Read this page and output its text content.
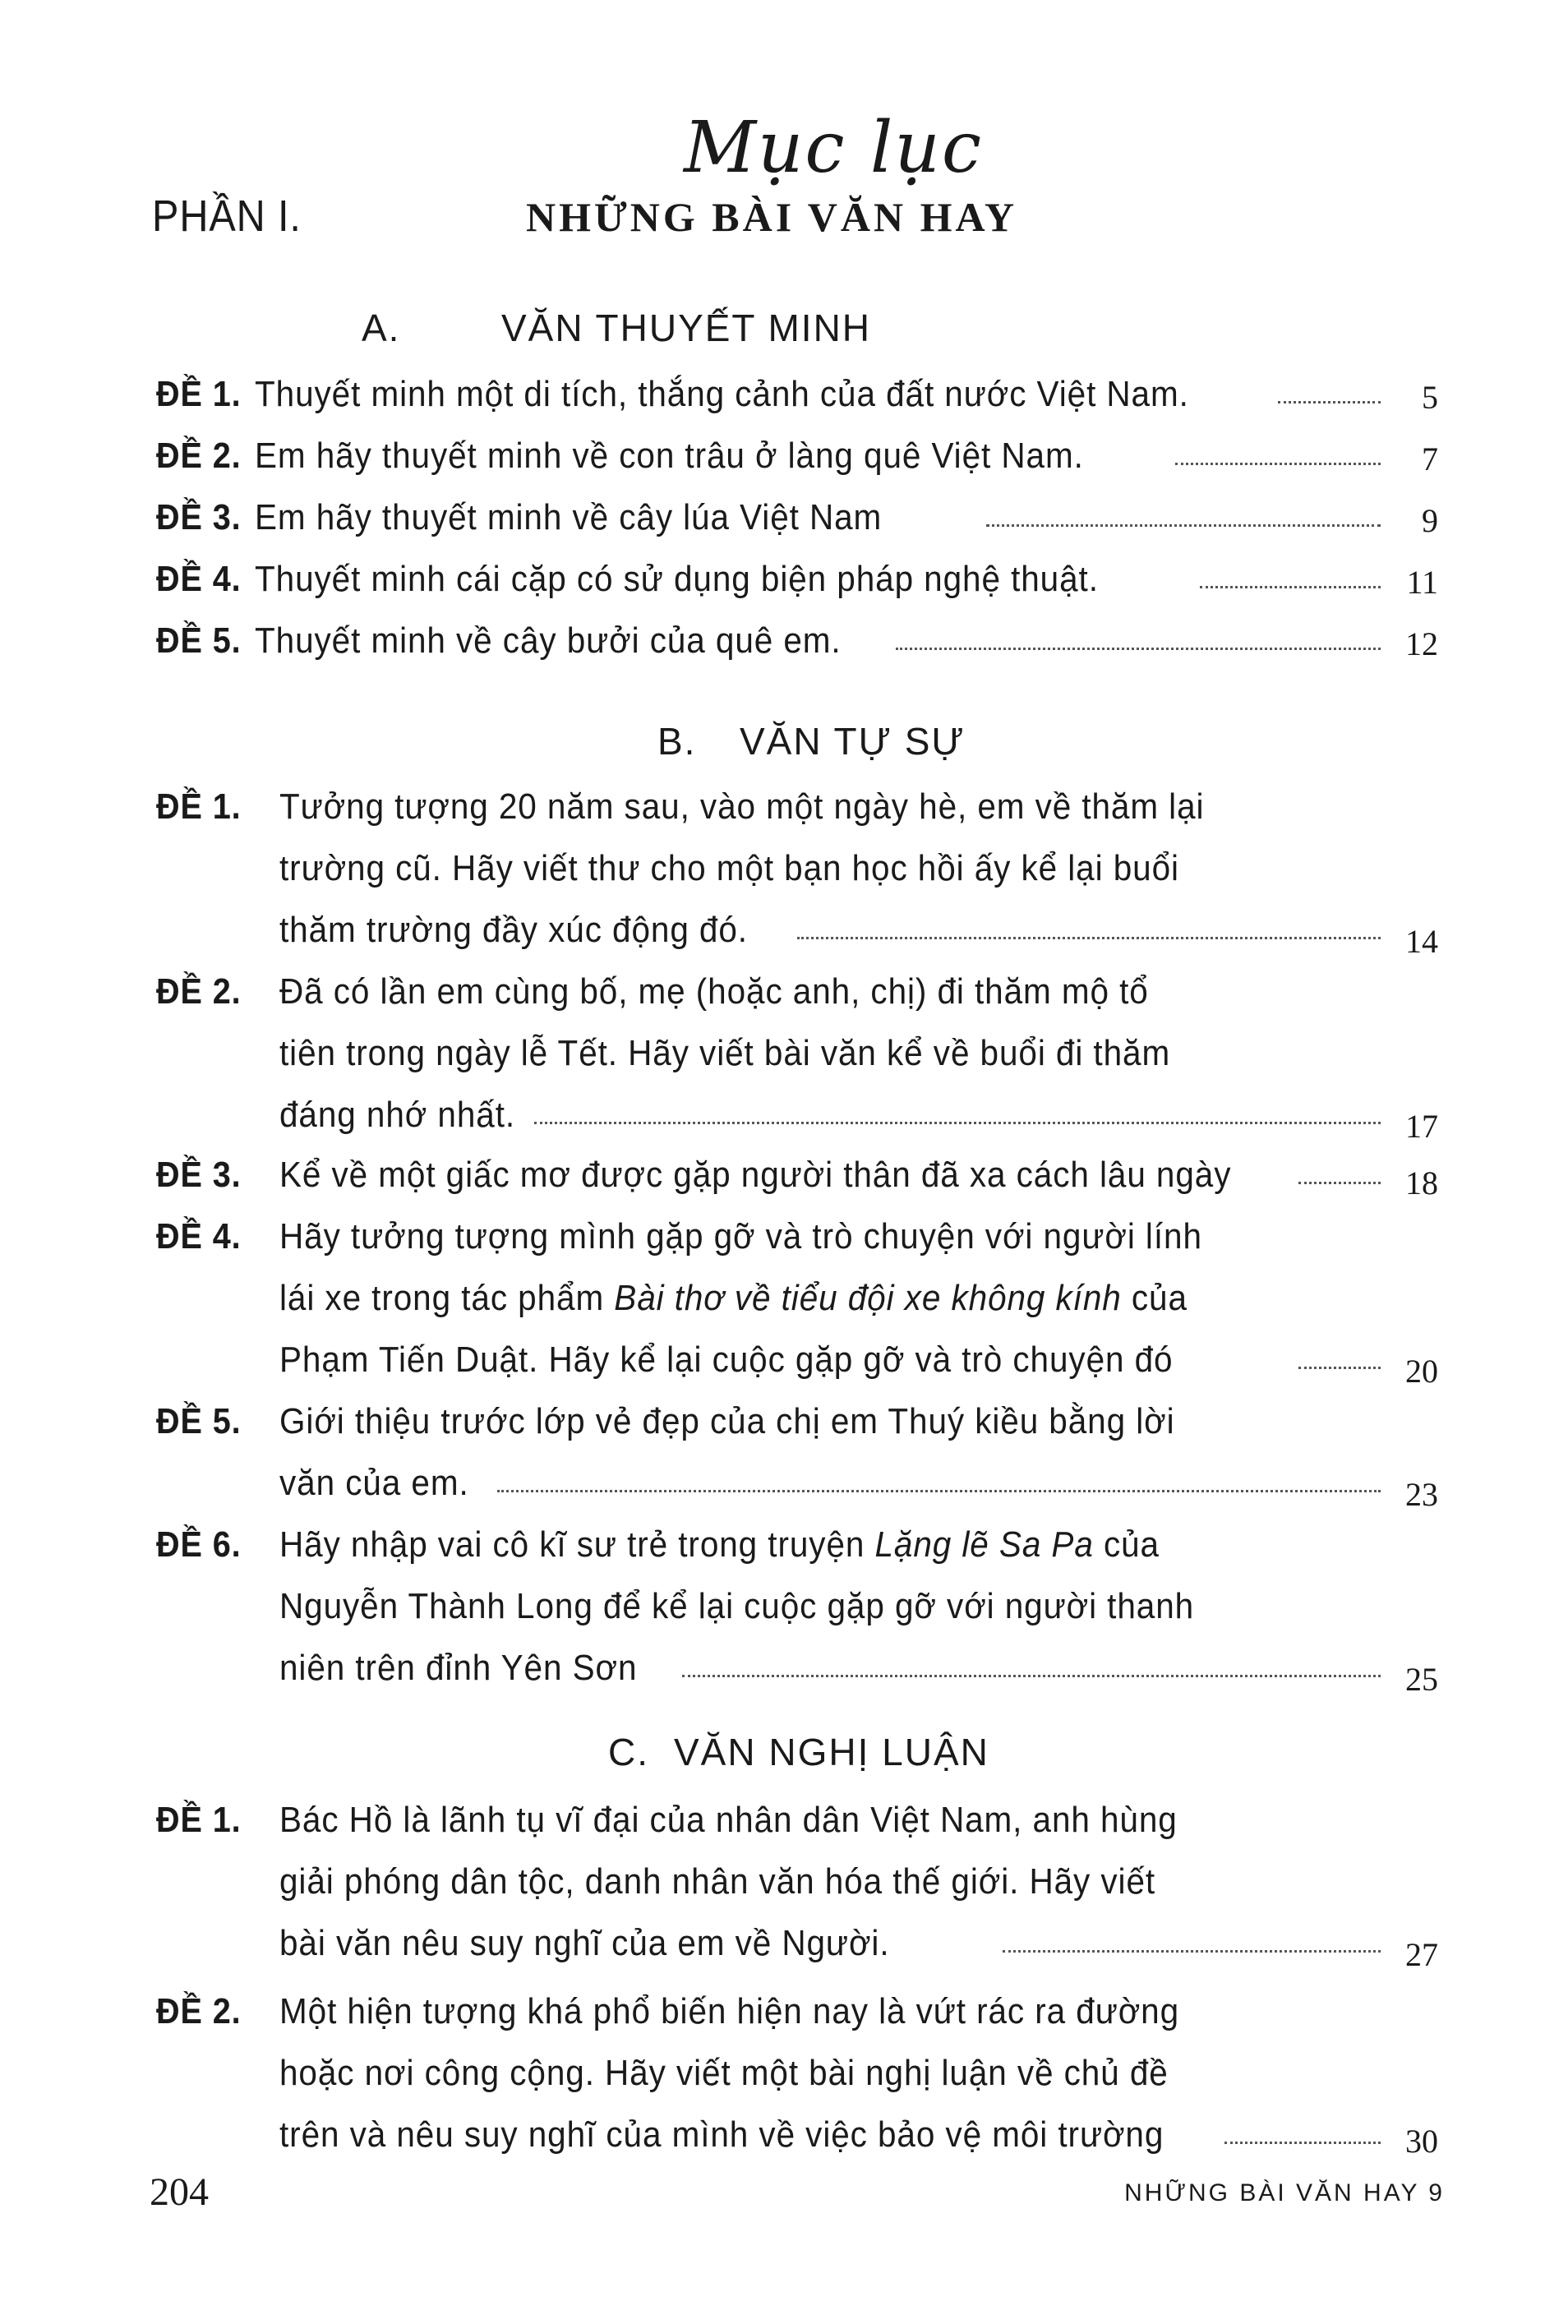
Mục lục
PHẦN I.	NHỮNG BÀI VĂN HAY
A.	VĂN THUYẾT MINH
ĐỀ 1. Thuyết minh một di tích, thắng cảnh của đất nước Việt Nam.	5
ĐỀ 2. Em hãy thuyết minh về con trâu ở làng quê Việt Nam.	7
ĐỀ 3. Em hãy thuyết minh về cây lúa Việt Nam	9
ĐỀ 4. Thuyết minh cái cặp có sử dụng biện pháp nghệ thuật.	11
ĐỀ 5. Thuyết minh về cây bưởi của quê em.	12
B. VĂN TỰ SỰ
ĐỀ 1. Tưởng tượng 20 năm sau, vào một ngày hè, em về thăm lại
trường cũ. Hãy viết thư cho một bạn học hồi ấy kể lại buổi
thăm trường đầy xúc động đó.	14
ĐỀ 2. Đã có lần em cùng bố, mẹ (hoặc anh, chị) đi thăm mộ tổ
tiên trong ngày lễ Tết. Hãy viết bài văn kể về buổi đi thăm
đáng nhớ nhất.	17
ĐỀ 3. Kể về một giấc mơ được gặp người thân đã xa cách lâu ngày	18
ĐỀ 4. Hãy tưởng tượng mình gặp gỡ và trò chuyện với người lính
lái xe trong tác phẩm Bài thơ về tiểu đội xe không kính của
Phạm Tiến Duật. Hãy kể lại cuộc gặp gỡ và trò chuyện đó	20
ĐỀ 5. Giới thiệu trước lớp vẻ đẹp của chị em Thuý kiều bằng lời
văn của em.	23
ĐỀ 6. Hãy nhập vai cô kĩ sư trẻ trong truyện Lặng lẽ Sa Pa của
Nguyễn Thành Long để kể lại cuộc gặp gỡ với người thanh
niên trên đỉnh Yên Sơn	25
C. VĂN NGHỊ LUẬN
ĐỀ 1. Bác Hồ là lãnh tụ vĩ đại của nhân dân Việt Nam, anh hùng
giải phóng dân tộc, danh nhân văn hóa thế giới. Hãy viết
bài văn nêu suy nghĩ của em về Người.	27
ĐỀ 2. Một hiện tượng khá phổ biến hiện nay là vứt rác ra đường
hoặc nơi công cộng. Hãy viết một bài nghị luận về chủ đề
trên và nêu suy nghĩ của mình về việc bảo vệ môi trường	30
204	NHỮNG BÀI VĂN HAY 9
